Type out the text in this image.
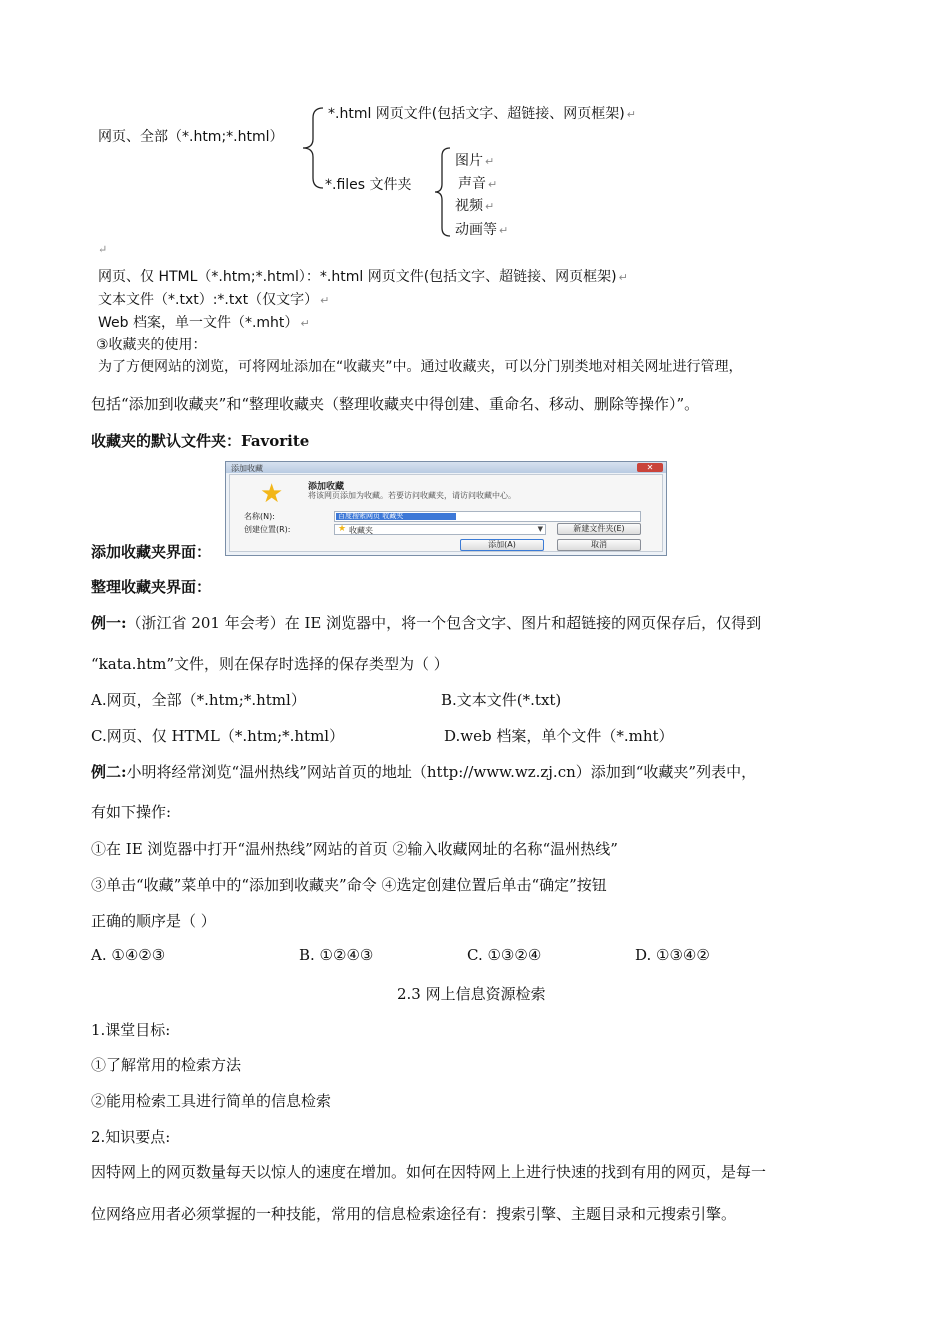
网页、全部（*.htm;*.html）
*.html 网页文件(包括文字、超链接、网页框架) ↵
*.files 文件夹
图片 ↵
声音 ↵
视频 ↵
动画等 ↵
↵
网页、仅 HTML（*.htm;*.html）：*.html 网页文件(包括文字、超链接、网页框架) ↵
文本文件（*.txt）:*.txt（仅文字） ↵
Web 档案，单一文件（*.mht） ↵
③收藏夹的使用：
为了方便网站的浏览，可将网址添加在“收藏夹”中。通过收藏夹，可以分门别类地对相关网址进行管理，
包括“添加到收藏夹”和“整理收藏夹（整理收藏夹中得创建、重命名、移动、删除等操作）”。
收藏夹的默认文件夹：Favorite
添加收藏	✕
★	添加收藏
将该网页添加为收藏。若要访问收藏夹，请访问收藏中心。
名称(N):	百度搜索网页 收藏夹
创建位置(R):	★ 收藏夹	▼	新建文件夹(E)
添加(A)	取消
添加收藏夹界面：
整理收藏夹界面：
例一:（浙江省 201 年会考）在 IE 浏览器中，将一个包含文字、图片和超链接的网页保存后，仅得到
“kata.htm”文件，则在保存时选择的保存类型为（ ）
A.网页，全部（*.htm;*.html）	B.文本文件(*.txt)
C.网页、仅 HTML（*.htm;*.html）	D.web 档案，单个文件（*.mht）
例二:小明将经常浏览“温州热线”网站首页的地址（http://www.wz.zj.cn）添加到“收藏夹”列表中，
有如下操作:
①在 IE 浏览器中打开“温州热线”网站的首页 ②输入收藏网址的名称“温州热线”
③单击“收藏”菜单中的“添加到收藏夹”命令 ④选定创建位置后单击“确定”按钮
正确的顺序是（ ）
A. ①④②③	B. ①②④③	C. ①③②④	D. ①③④②
2.3 网上信息资源检索
1.课堂目标:
①了解常用的检索方法
②能用检索工具进行简单的信息检索
2.知识要点:
因特网上的网页数量每天以惊人的速度在增加。如何在因特网上上进行快速的找到有用的网页，是每一
位网络应用者必须掌握的一种技能，常用的信息检索途径有：搜索引擎、主题目录和元搜索引擎。
